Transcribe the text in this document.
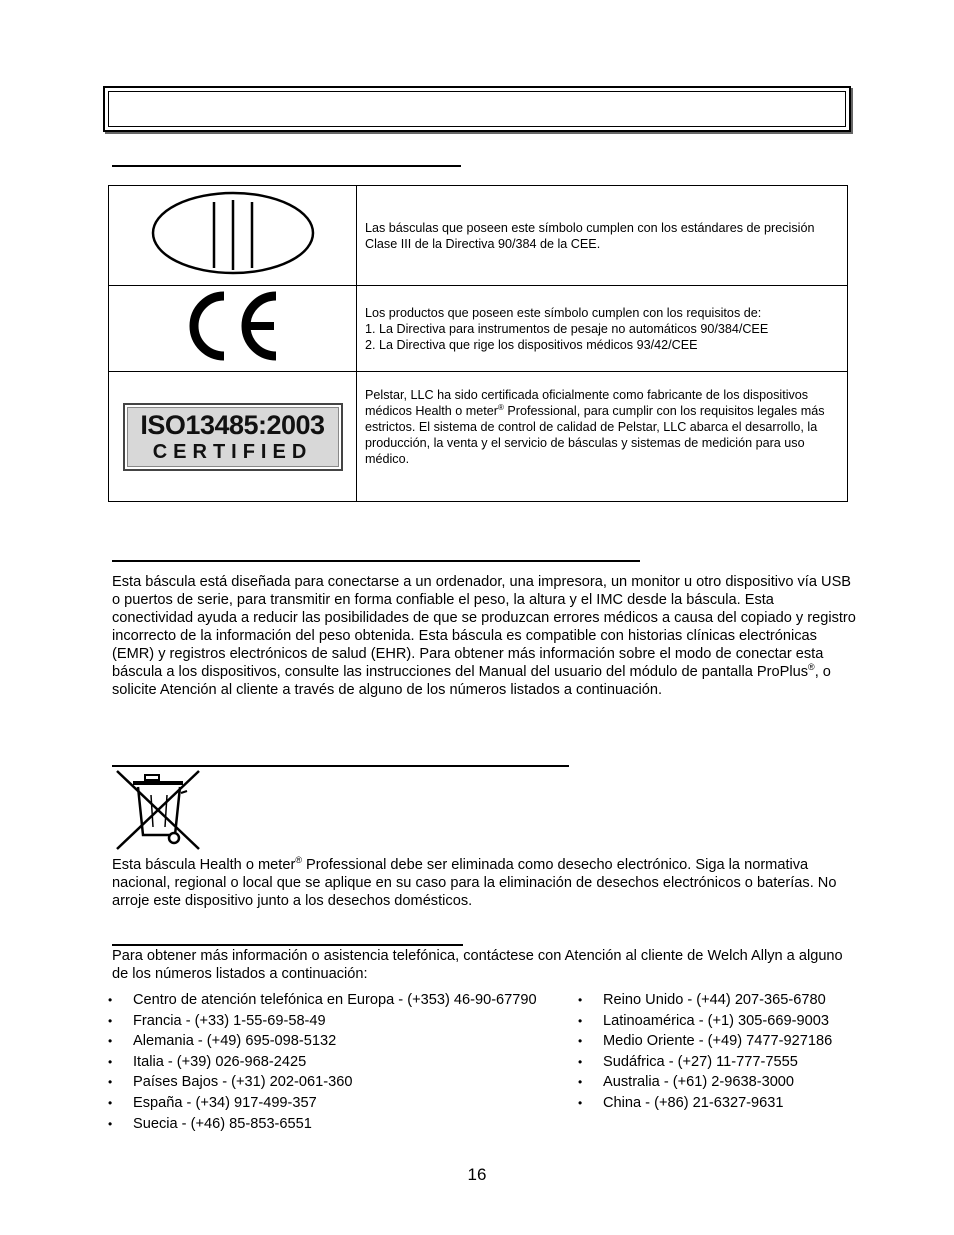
	Las básculas que poseen este símbolo cumplen con los estándares de precisión Clase III de la Directiva 90/384 de la CEE.

Los productos que poseen este símbolo cumplen con los requisitos de:
1. La Directiva para instrumentos de pesaje no automáticos 90/384/CEE
2. La Directiva que rige los dispositivos médicos 93/42/CEE

ISO13485:2003
CERTIFIED	Pelstar, LLC ha sido certificada oficialmente como fabricante de los dispositivos médicos Health o meter® Professional, para cumplir con los requisitos legales más estrictos. El sistema de control de calidad de Pelstar, LLC abarca el desarrollo, la producción, la venta y el servicio de básculas y sistemas de medición para uso médico.
Esta báscula está diseñada para conectarse a un ordenador, una impresora, un monitor u otro dispositivo vía USB o puertos de serie, para transmitir en forma confiable el peso, la altura y el IMC desde la báscula. Esta conectividad ayuda a reducir las posibilidades de que se produzcan errores médicos a causa del copiado y registro incorrecto de la información del peso obtenida. Esta báscula es compatible con historias clínicas electrónicas (EMR) y registros electrónicos de salud (EHR). Para obtener más información sobre el modo de conectar esta báscula a los dispositivos, consulte las instrucciones del Manual del usuario del módulo de pantalla ProPlus®, o solicite Atención al cliente a través de alguno de los números listados a continuación.
Esta báscula Health o meter® Professional debe ser eliminada como desecho electrónico. Siga la normativa nacional, regional o local que se aplique en su caso para la eliminación de desechos electrónicos o baterías. No arroje este dispositivo junto a los desechos domésticos.
Para obtener más información o asistencia telefónica, contáctese con Atención al cliente de Welch Allyn a alguno de los números listados a continuación:
• Centro de atención telefónica en Europa - (+353) 46-90-67790
• Francia - (+33) 1-55-69-58-49
• Alemania - (+49) 695-098-5132
• Italia - (+39) 026-968-2425
• Países Bajos - (+31) 202-061-360
• España - (+34) 917-499-357
• Suecia - (+46) 85-853-6551
• Reino Unido - (+44) 207-365-6780
• Latinoamérica - (+1) 305-669-9003
• Medio Oriente - (+49) 7477-927186
• Sudáfrica - (+27) 11-777-7555
• Australia - (+61) 2-9638-3000
• China - (+86) 21-6327-9631
16
